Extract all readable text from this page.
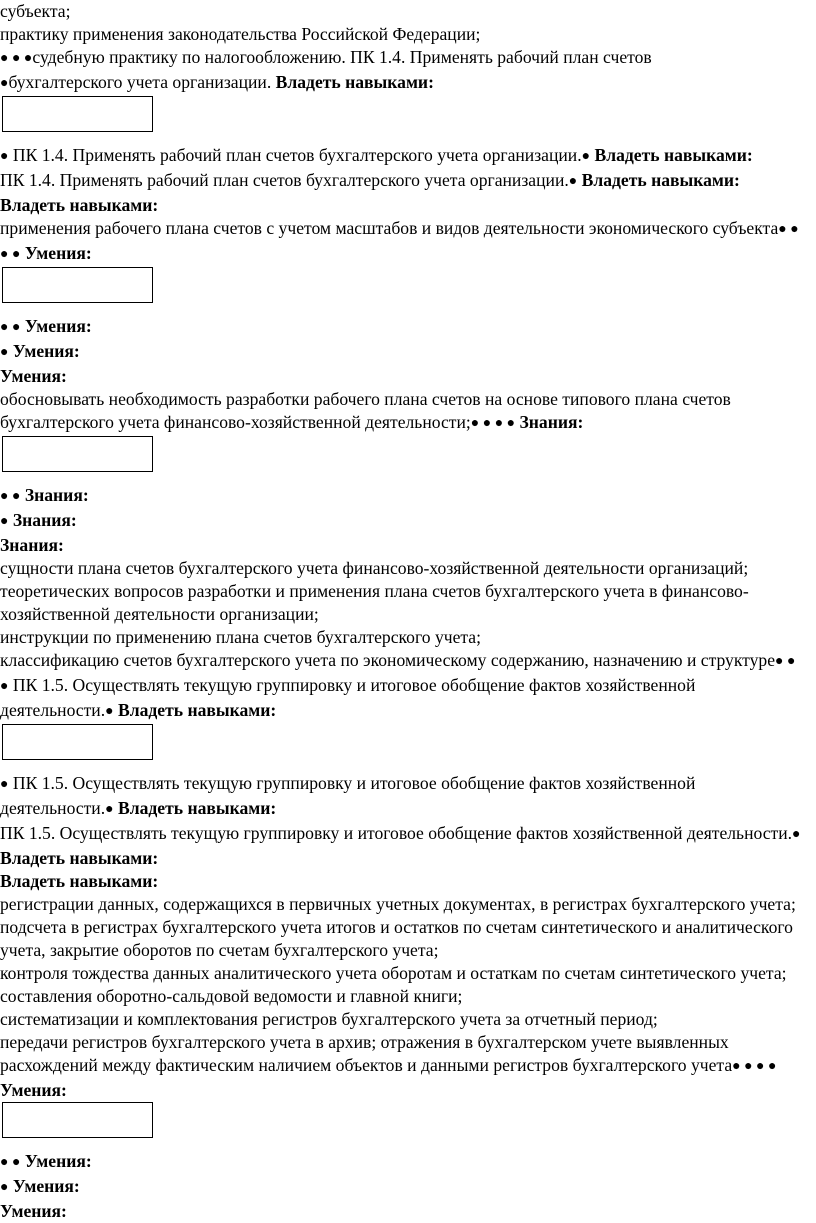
субъекта;

практику применения законодательства Российской Федерации;

● ● ●судебную практику по налогообложению. ПК 1.4. Применять рабочий план счетов

●бухгалтерского учета организации. Владеть навыками:

● ПК 1.4. Применять рабочий план счетов бухгалтерского учета организации.● Владеть навыками:

ПК 1.4. Применять рабочий план счетов бухгалтерского учета организации.● Владеть навыками:

Владеть навыками:

применения рабочего плана счетов с учетом масштабов и видов деятельности экономического субъекта● ● ● ● Умения:

● ● Умения:

● Умения:

Умения:

обосновывать необходимость разработки рабочего плана счетов на основе типового плана счетов бухгалтерского учета финансово-хозяйственной деятельности;● ● ● ● Знания:

● ● Знания:

● Знания:

Знания:

сущности плана счетов бухгалтерского учета финансово-хозяйственной деятельности организаций;

теоретических вопросов разработки и применения плана счетов бухгалтерского учета в финансово-хозяйственной деятельности организации;

инструкции по применению плана счетов бухгалтерского учета;

классификацию счетов бухгалтерского учета по экономическому содержанию, назначению и структуре● ● ● ПК 1.5. Осуществлять текущую группировку и итоговое обобщение фактов хозяйственной деятельности.● Владеть навыками:

● ПК 1.5. Осуществлять текущую группировку и итоговое обобщение фактов хозяйственной деятельности.● Владеть навыками:

ПК 1.5. Осуществлять текущую группировку и итоговое обобщение фактов хозяйственной деятельности.● Владеть навыками:

Владеть навыками:

регистрации данных, содержащихся в первичных учетных документах, в регистрах бухгалтерского учета;

подсчета в регистрах бухгалтерского учета итогов и остатков по счетам синтетического и аналитического учета, закрытие оборотов по счетам бухгалтерского учета;

контроля тождества данных аналитического учета оборотам и остаткам по счетам синтетического учета; составления оборотно-сальдовой ведомости и главной книги;

систематизации и комплектования регистров бухгалтерского учета за отчетный период;

передачи регистров бухгалтерского учета в архив; отражения в бухгалтерском учете выявленных расхождений между фактическим наличием объектов и данными регистров бухгалтерского учета● ● ● ● Умения:

● ● Умения:

● Умения:

Умения:
